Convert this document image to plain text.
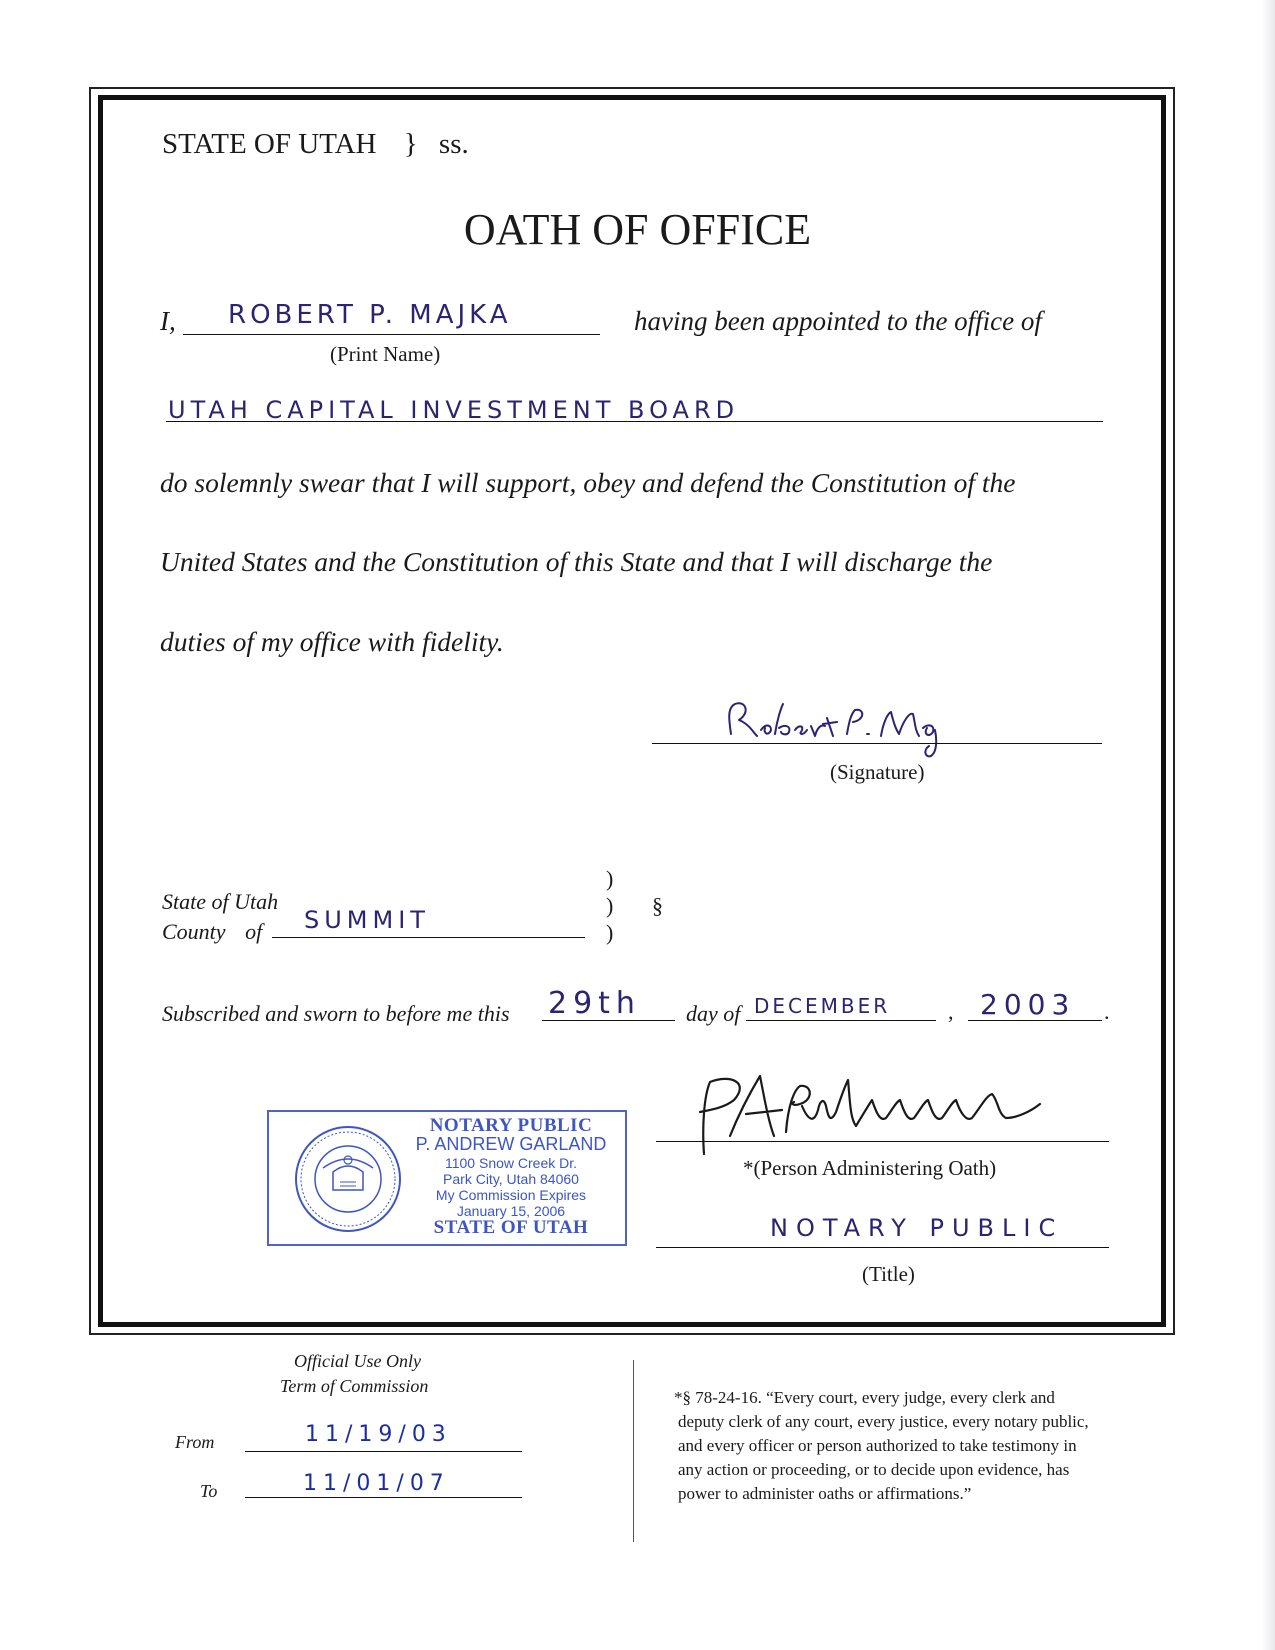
STATE OF UTAH } ss.
OATH OF OFFICE
I, ROBERT P. MAJKA
(Print Name)
having been appointed to the office of
UTAH CAPITAL INVESTMENT BOARD
do solemnly swear that I will support, obey and defend the Constitution of the
United States and the Constitution of this State and that I will discharge the
duties of my office with fidelity.
(Signature)
State of Utah
County of SUMMIT
)
)
)
§
Subscribed and sworn to before me this 29th day of DECEMBER	, 2003 .
NOTARY PUBLIC
P. ANDREW GARLAND
1100 Snow Creek Dr.
Park City, Utah 84060
My Commission Expires
January 15, 2006
STATE OF UTAH
*(Person Administering Oath)
NOTARY PUBLIC
(Title)
Official Use Only
Term of Commission
From	11/19/03
To	11/01/07
*§ 78-24-16. “Every court, every judge, every clerk and
deputy clerk of any court, every justice, every notary public,
and every officer or person authorized to take testimony in
any action or proceeding, or to decide upon evidence, has
power to administer oaths or affirmations.”
